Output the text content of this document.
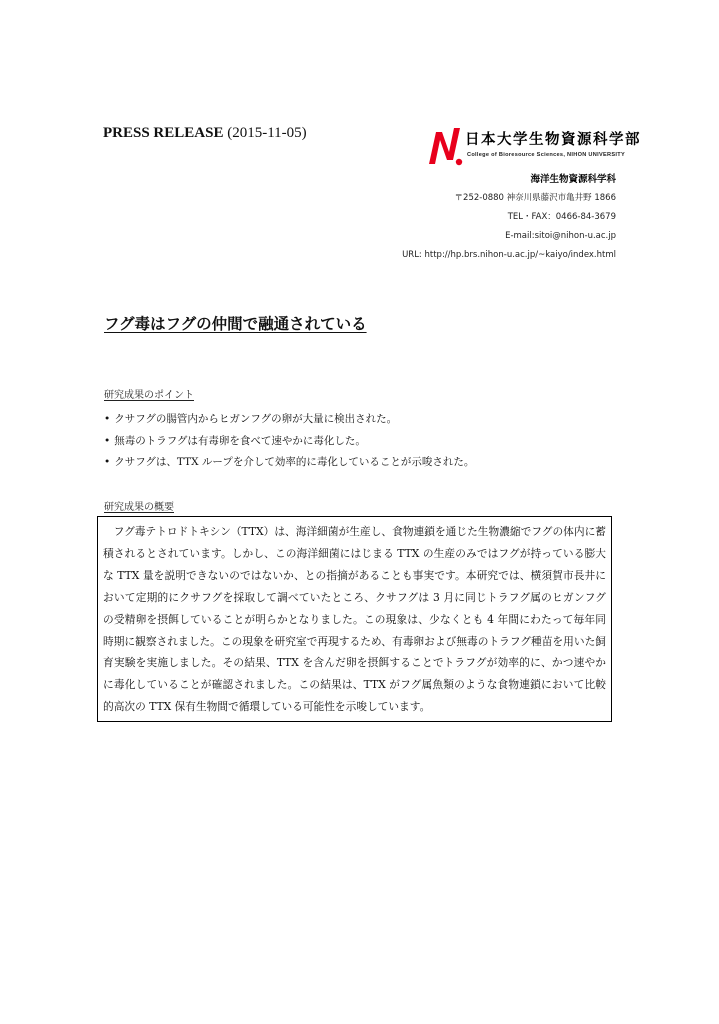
PRESS RELEASE (2015-11-05)	日本大学生物資源科学部
College of Bioresource Sciences, NIHON UNIVERSITY
海洋生物資源科学科
〒252-0880 神奈川県藤沢市亀井野 1866
TEL・FAX：0466-84-3679
E-mail:sitoi@nihon-u.ac.jp
URL: http://hp.brs.nihon-u.ac.jp/~kaiyo/index.html
フグ毒はフグの仲間で融通されている
研究成果のポイント
• クサフグの腸管内からヒガンフグの卵が大量に検出された。
• 無毒のトラフグは有毒卵を食べて速やかに毒化した。
• クサフグは、TTX ループを介して効率的に毒化していることが示唆された。
研究成果の概要

フグ毒テトロドトキシン（TTX）は、海洋細菌が生産し、食物連鎖を通じた生物濃縮でフグの体内に蓄積されるとされています。しかし、この海洋細菌にはじまる TTX の生産のみではフグが持っている膨大な TTX 量を説明できないのではないか、との指摘があることも事実です。本研究では、横須賀市長井において定期的にクサフグを採取して調べていたところ、クサフグは 3 月に同じトラフグ属のヒガンフグの受精卵を摂餌していることが明らかとなりました。この現象は、少なくとも 4 年間にわたって毎年同時期に観察されました。この現象を研究室で再現するため、有毒卵および無毒のトラフグ種苗を用いた飼育実験を実施しました。その結果、TTX を含んだ卵を摂餌することでトラフグが効率的に、かつ速やかに毒化していることが確認されました。この結果は、TTX がフグ属魚類のような食物連鎖において比較的高次の TTX 保有生物間で循環している可能性を示唆しています。
